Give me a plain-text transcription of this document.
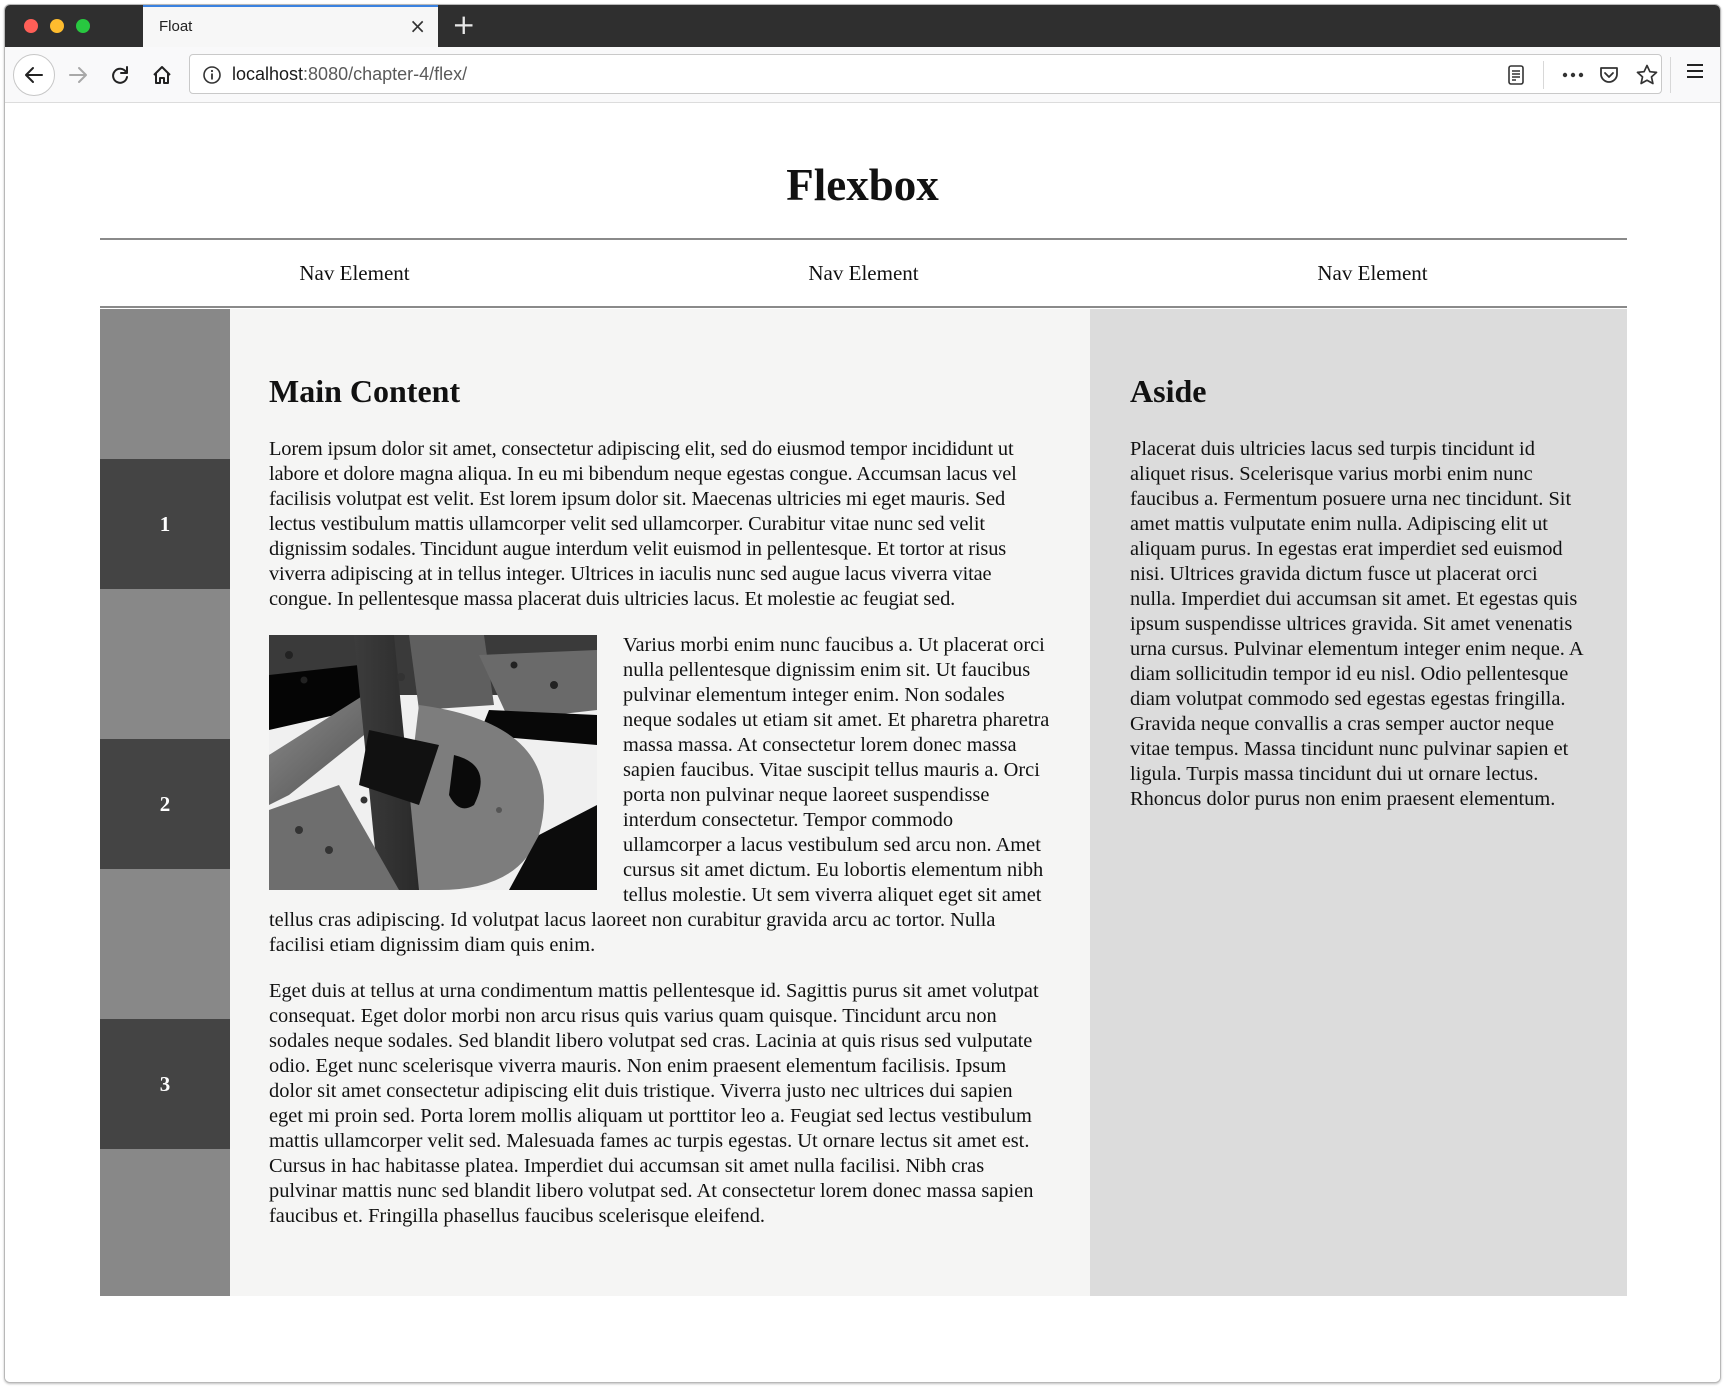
Float	× +
localhost:8080/chapter-4/flex/
Flexbox
Nav Element	Nav Element	Nav Element
1
2
3
Main Content

Lorem ipsum dolor sit amet, consectetur adipiscing elit, sed do eiusmod tempor incididunt ut labore et dolore magna aliqua. In eu mi bibendum neque egestas congue. Accumsan lacus vel facilisis volutpat est velit. Est lorem ipsum dolor sit. Maecenas ultricies mi eget mauris. Sed lectus vestibulum mattis ullamcorper velit sed ullamcorper. Curabitur vitae nunc sed velit dignissim sodales. Tincidunt augue interdum velit euismod in pellentesque. Et tortor at risus viverra adipiscing at in tellus integer. Ultrices in iaculis nunc sed augue lacus viverra vitae congue. In pellentesque massa placerat duis ultricies lacus. Et molestie ac feugiat sed.

Varius morbi enim nunc faucibus a. Ut placerat orci nulla pellentesque dignissim enim sit. Ut faucibus pulvinar elementum integer enim. Non sodales neque sodales ut etiam sit amet. Et pharetra pharetra massa massa. At consectetur lorem donec massa sapien faucibus. Vitae suscipit tellus mauris a. Orci porta non pulvinar neque laoreet suspendisse interdum consectetur. Tempor commodo ullamcorper a lacus vestibulum sed arcu non. Amet cursus sit amet dictum. Eu lobortis elementum nibh tellus molestie. Ut sem viverra aliquet eget sit amet tellus cras adipiscing. Id volutpat lacus laoreet non curabitur gravida arcu ac tortor. Nulla facilisi etiam dignissim diam quis enim.

Eget duis at tellus at urna condimentum mattis pellentesque id. Sagittis purus sit amet volutpat consequat. Eget dolor morbi non arcu risus quis varius quam quisque. Tincidunt arcu non sodales neque sodales. Sed blandit libero volutpat sed cras. Lacinia at quis risus sed vulputate odio. Eget nunc scelerisque viverra mauris. Non enim praesent elementum facilisis. Ipsum dolor sit amet consectetur adipiscing elit duis tristique. Viverra justo nec ultrices dui sapien eget mi proin sed. Porta lorem mollis aliquam ut porttitor leo a. Feugiat sed lectus vestibulum mattis ullamcorper velit sed. Malesuada fames ac turpis egestas. Ut ornare lectus sit amet est. Cursus in hac habitasse platea. Imperdiet dui accumsan sit amet nulla facilisi. Nibh cras pulvinar mattis nunc sed blandit libero volutpat sed. At consectetur lorem donec massa sapien faucibus et. Fringilla phasellus faucibus scelerisque eleifend.

Aside

Placerat duis ultricies lacus sed turpis tincidunt id aliquet risus. Scelerisque varius morbi enim nunc faucibus a. Fermentum posuere urna nec tincidunt. Sit amet mattis vulputate enim nulla. Adipiscing elit ut aliquam purus. In egestas erat imperdiet sed euismod nisi. Ultrices gravida dictum fusce ut placerat orci nulla. Imperdiet dui accumsan sit amet. Et egestas quis ipsum suspendisse ultrices gravida. Sit amet venenatis urna cursus. Pulvinar elementum integer enim neque. A diam sollicitudin tempor id eu nisl. Odio pellentesque diam volutpat commodo sed egestas egestas fringilla. Gravida neque convallis a cras semper auctor neque vitae tempus. Massa tincidunt nunc pulvinar sapien et ligula. Turpis massa tincidunt dui ut ornare lectus. Rhoncus dolor purus non enim praesent elementum.
